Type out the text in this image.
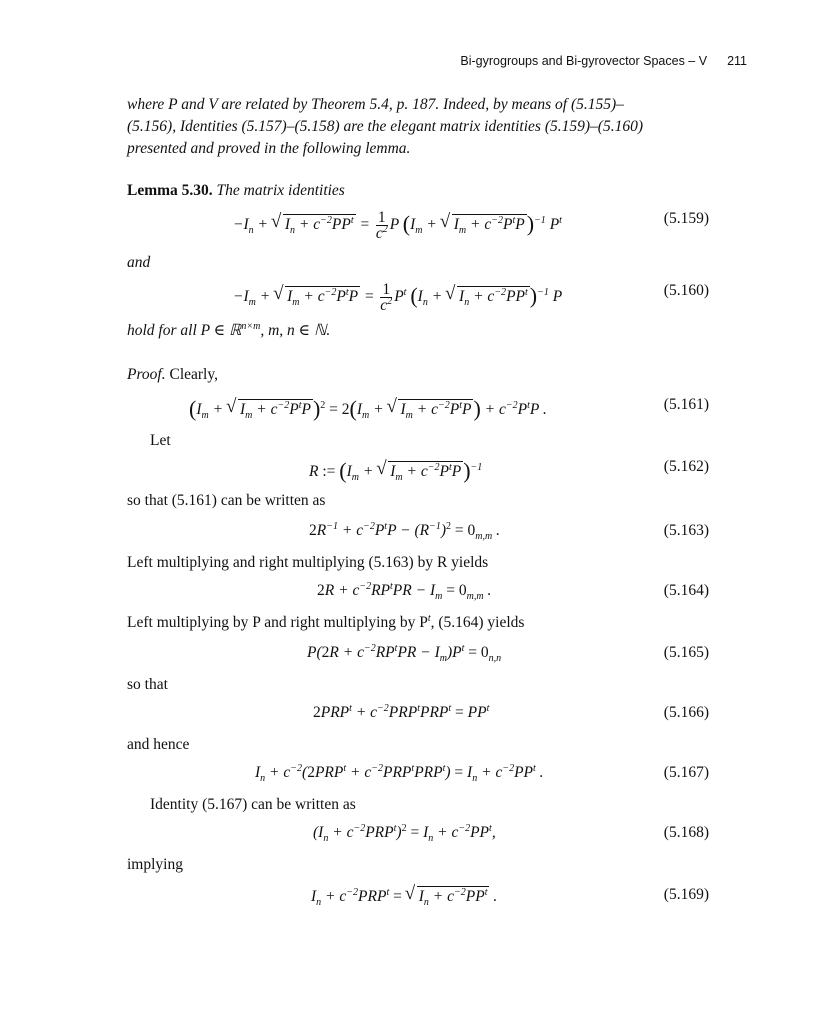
Bi-gyrogroups and Bi-gyrovector Spaces – V 211
where P and V are related by Theorem 5.4, p. 187. Indeed, by means of (5.155)–
(5.156), Identities (5.157)–(5.158) are the elegant matrix identities (5.159)–(5.160)
presented and proved in the following lemma.
Lemma 5.30. The matrix identities
$-I_n$ + √ $I_n + c^{-2}PP^t = \frac{1}{c^2}$ P ($I_m$ + √ $I_m + c^{-2}P^tP)^{-1}$ $P^t$	(5.159)
and
$-I_m$ + √ $I_m + c^{-2}P^tP = \frac{1}{c^2} P^t$ ($I_n$ + √ $I_n + c^{-2}PP^t)^{-1}$ P	(5.160)
hold for all P ∈ ℝ$^{n\times m}$, m, n ∈ ℕ.
Proof. Clearly,
($I_m$ + √ $I_m + c^{-2}P^tP)^2 = 2(I_m$ + √ $I_m + c^{-2}P^tP) + c^{-2}P^tP$ .	(5.161)
Let
R := ($I_m$ + √ $I_m + c^{-2}P^tP)^{-1}$	(5.162)
so that (5.161) can be written as
$2R^{-1} + c^{-2}P^tP - (R^{-1})^2 = 0_{m,m}$ .	(5.163)
Left multiplying and right multiplying (5.163) by R yields
$2R + c^{-2}RP^tPR - I_m = 0_{m,m}$ .	(5.164)
Left multiplying by P and right multiplying by $P^t$, (5.164) yields
$P(2R + c^{-2}RP^tPR - I_m)P^t = 0_{n,n}$	(5.165)
so that
$2PRP^t + c^{-2}PRP^tPRP^t = PP^t$	(5.166)
and hence
$I_n + c^{-2}(2PRP^t + c^{-2}PRP^tPRP^t) = I_n + c^{-2}PP^t$ .	(5.167)
Identity (5.167) can be written as
$(I_n + c^{-2}PRP^t)^2 = I_n + c^{-2}PP^t$,	(5.168)
implying
$I_n + c^{-2}PRP^t$ = √ $I_n + c^{-2}PP^t$ .	(5.169)
